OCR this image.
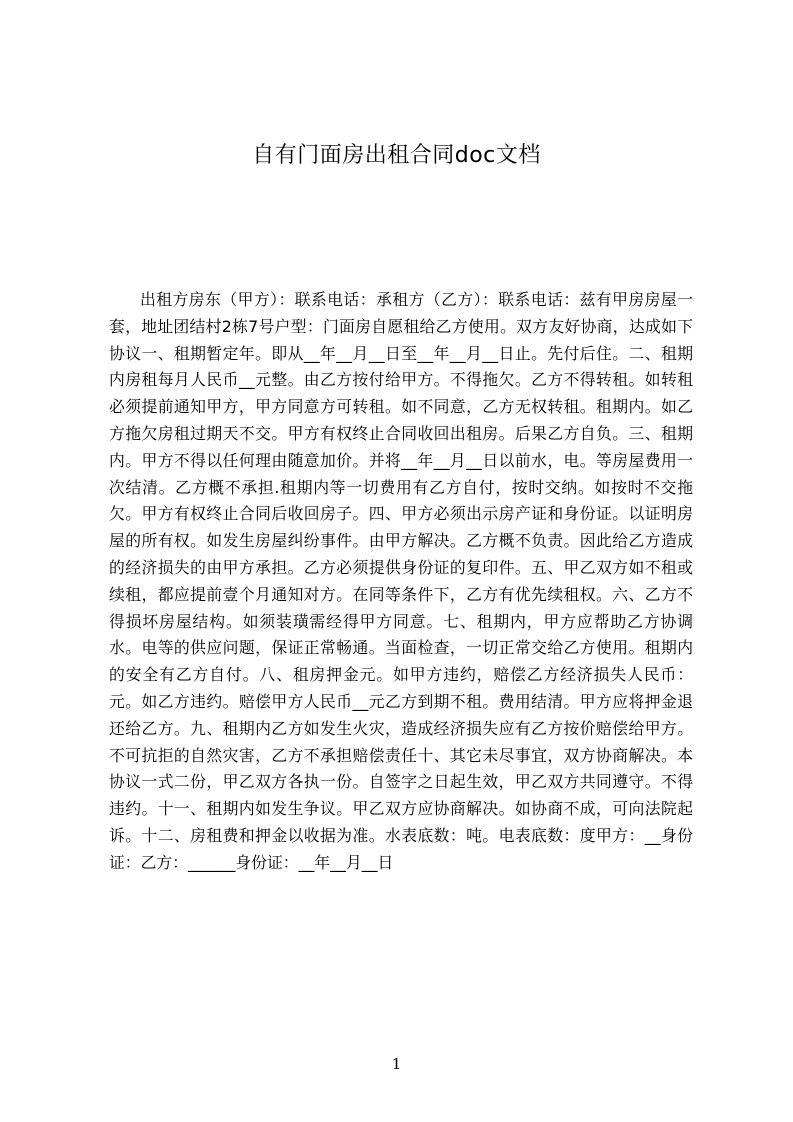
自有门面房出租合同doc文档

出租方房东（甲方）：联系电话：承租方（乙方）：联系电话：兹有甲房房屋一套，地址团结村2栋7号户型：门面房自愿租给乙方使用。双方友好协商，达成如下协议一、租期暂定年。即从__年__月__日至__年__月__日止。先付后住。二、租期内房租每月人民币__元整。由乙方按付给甲方。不得拖欠。乙方不得转租。如转租必须提前通知甲方，甲方同意方可转租。如不同意，乙方无权转租。租期内。如乙方拖欠房租过期天不交。甲方有权终止合同收回出租房。后果乙方自负。三、租期内。甲方不得以任何理由随意加价。并将__年__月__日以前水，电。等房屋费用一次结清。乙方概不承担.租期内等一切费用有乙方自付，按时交纳。如按时不交拖欠。甲方有权终止合同后收回房子。四、甲方必须出示房产证和身份证。以证明房屋的所有权。如发生房屋纠纷事件。由甲方解决。乙方概不负责。因此给乙方造成的经济损失的由甲方承担。乙方必须提供身份证的复印件。五、甲乙双方如不租或续租，都应提前壹个月通知对方。在同等条件下，乙方有优先续租权。六、乙方不得损坏房屋结构。如须装璜需经得甲方同意。七、租期内，甲方应帮助乙方协调水。电等的供应问题，保证正常畅通。当面检查，一切正常交给乙方使用。租期内的安全有乙方自付。八、租房押金元。如甲方违约，赔偿乙方经济损失人民币：元。如乙方违约。赔偿甲方人民币__元乙方到期不租。费用结清。甲方应将押金退还给乙方。九、租期内乙方如发生火灾，造成经济损失应有乙方按价赔偿给甲方。不可抗拒的自然灾害，乙方不承担赔偿责任十、其它未尽事宜，双方协商解决。本协议一式二份，甲乙双方各执一份。自签字之日起生效，甲乙双方共同遵守。不得违约。十一、租期内如发生争议。甲乙双方应协商解决。如协商不成，可向法院起诉。十二、房租费和押金以收据为准。水表底数：吨。电表底数：度甲方：__身份证：乙方：______身份证：__年__月__日

1
